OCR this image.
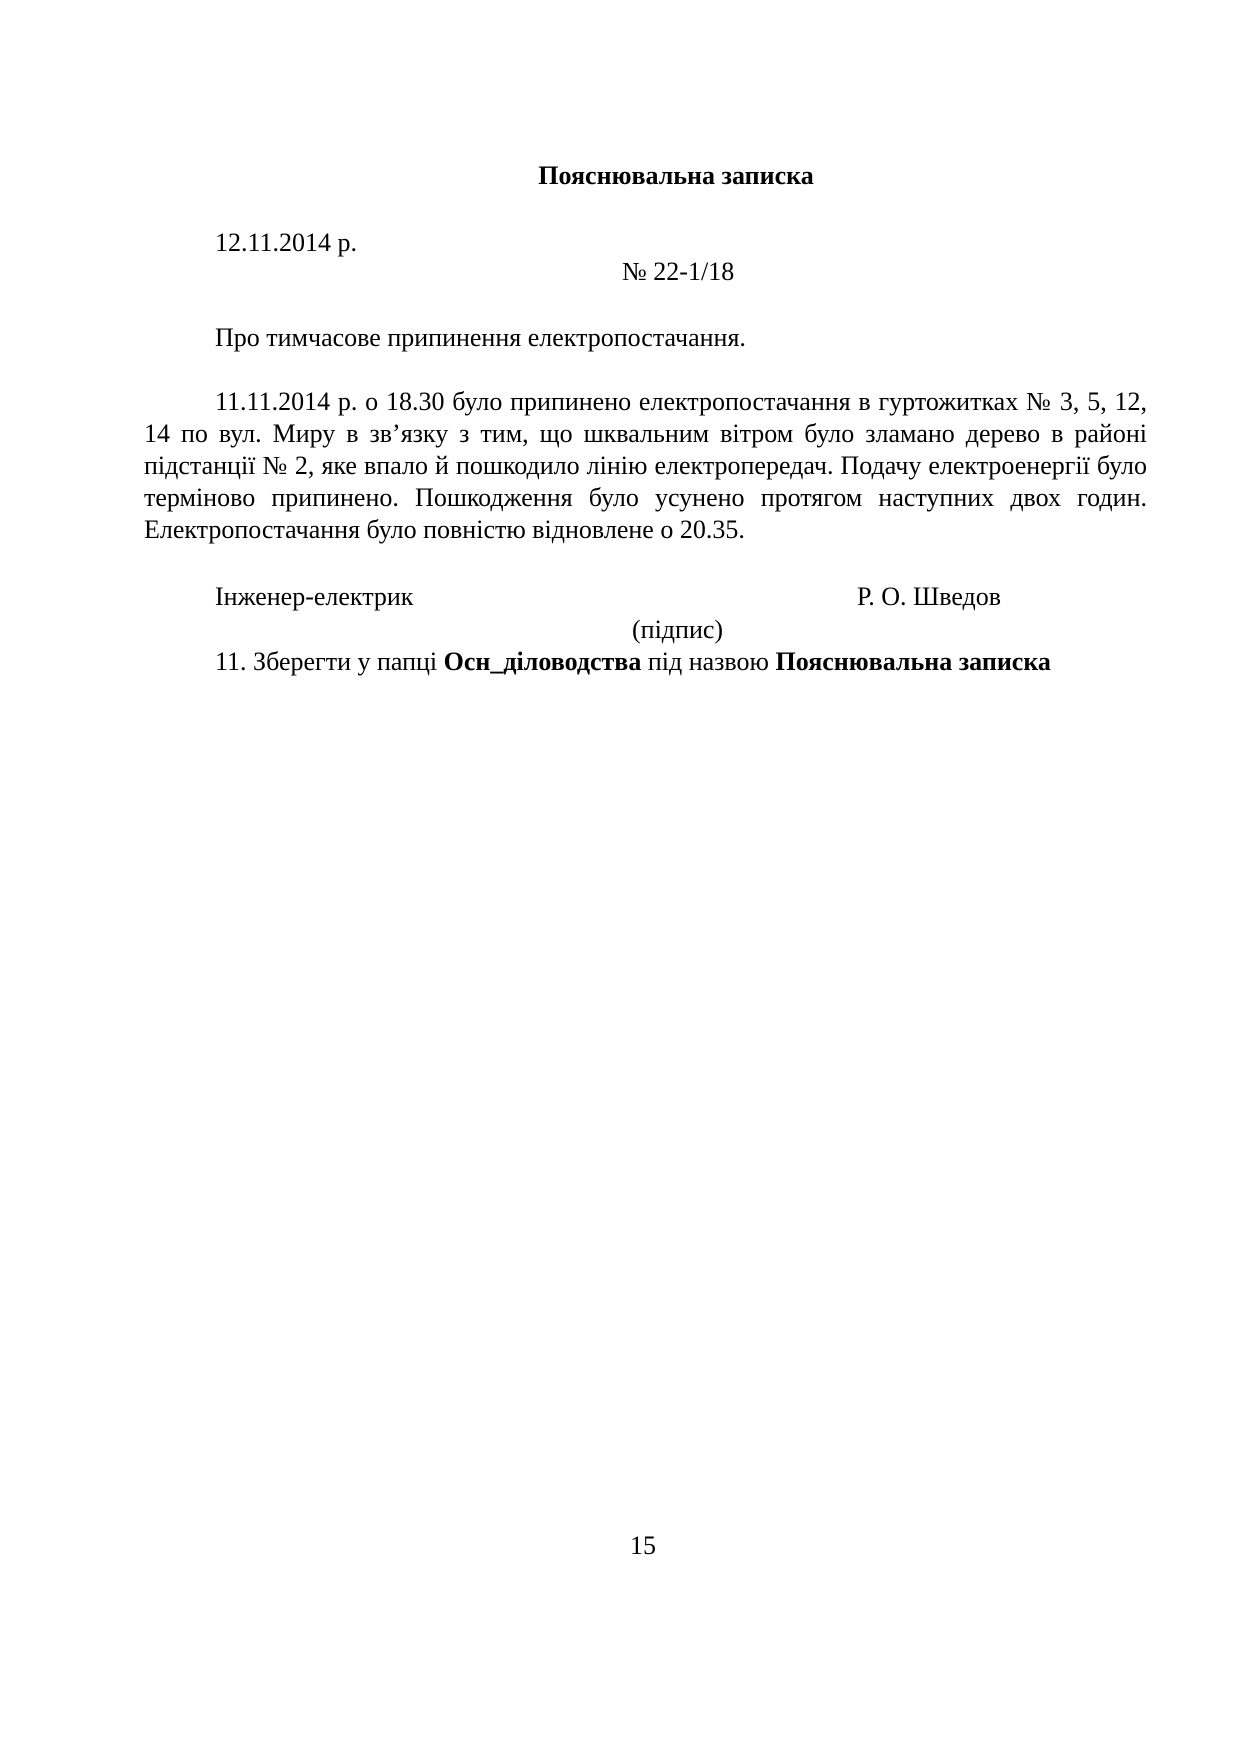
Пояснювальна записка
12.11.2014 р.
№ 22-1/18
Про тимчасове припинення електропостачання.
11.11.2014 р. о 18.30 було припинено електропостачання в гуртожитках № 3, 5, 12, 14 по вул. Миру в зв’язку з тим, що шквальним вітром було зламано дерево в районі підстанції № 2, яке впало й пошкодило лінію електропередач. Подачу електроенергії було терміново припинено. Пошкодження було усунено протягом наступних двох годин. Електропостачання було повністю відновлене о 20.35.
Інженер-електрик	Р. О. Шведов
(підпис)
11. Зберегти у папці Осн_діловодства під назвою Пояснювальна записка
15
